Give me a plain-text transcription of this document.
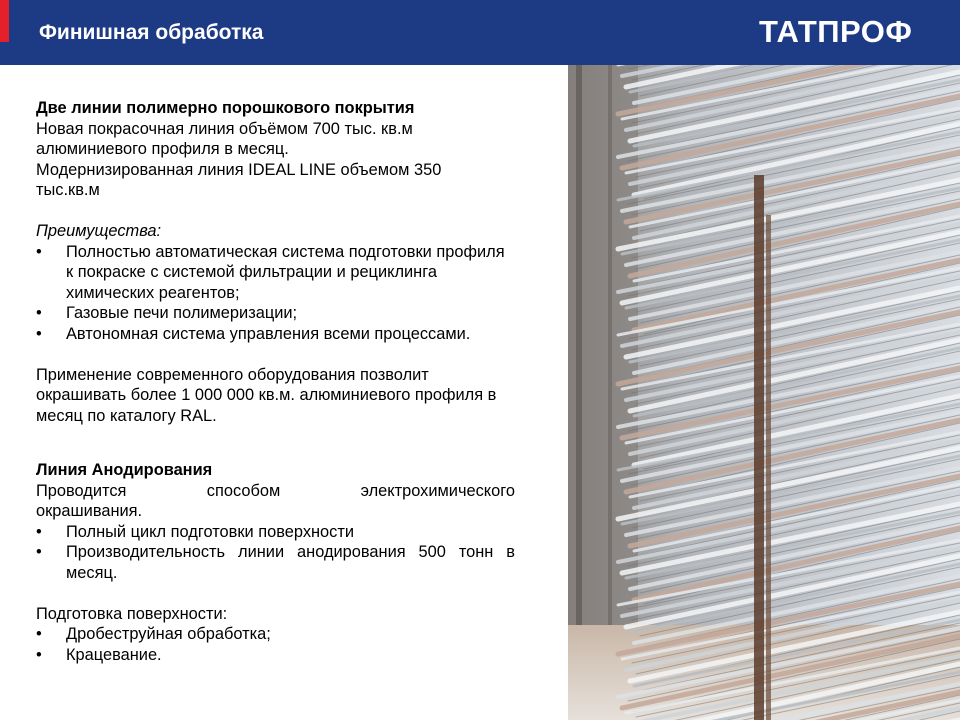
Финишная обработка	ТАТПРОФ

Две линии полимерно порошкового покрытия

Новая покрасочная линия объёмом 700 тыс. кв.м

алюминиевого профиля в месяц.

Модернизированная линия IDEAL LINE объемом 350

тыс.кв.м

Преимущества:

• Полностью автоматическая система подготовки профиля к покраске с системой фильтрации и рециклинга химических реагентов;
• Газовые печи полимеризации;
• Автономная система управления всеми процессами.

Применение современного оборудования позволит окрашивать более 1 000 000 кв.м. алюминиевого профиля в месяц по каталогу RAL.

Линия Анодирования

Проводится способом электрохимического

окрашивания.

• Полный цикл подготовки поверхности
• Производительность линии анодирования 500 тонн в месяц.

Подготовка поверхности:

• Дробеструйная обработка;
• Крацевание.
